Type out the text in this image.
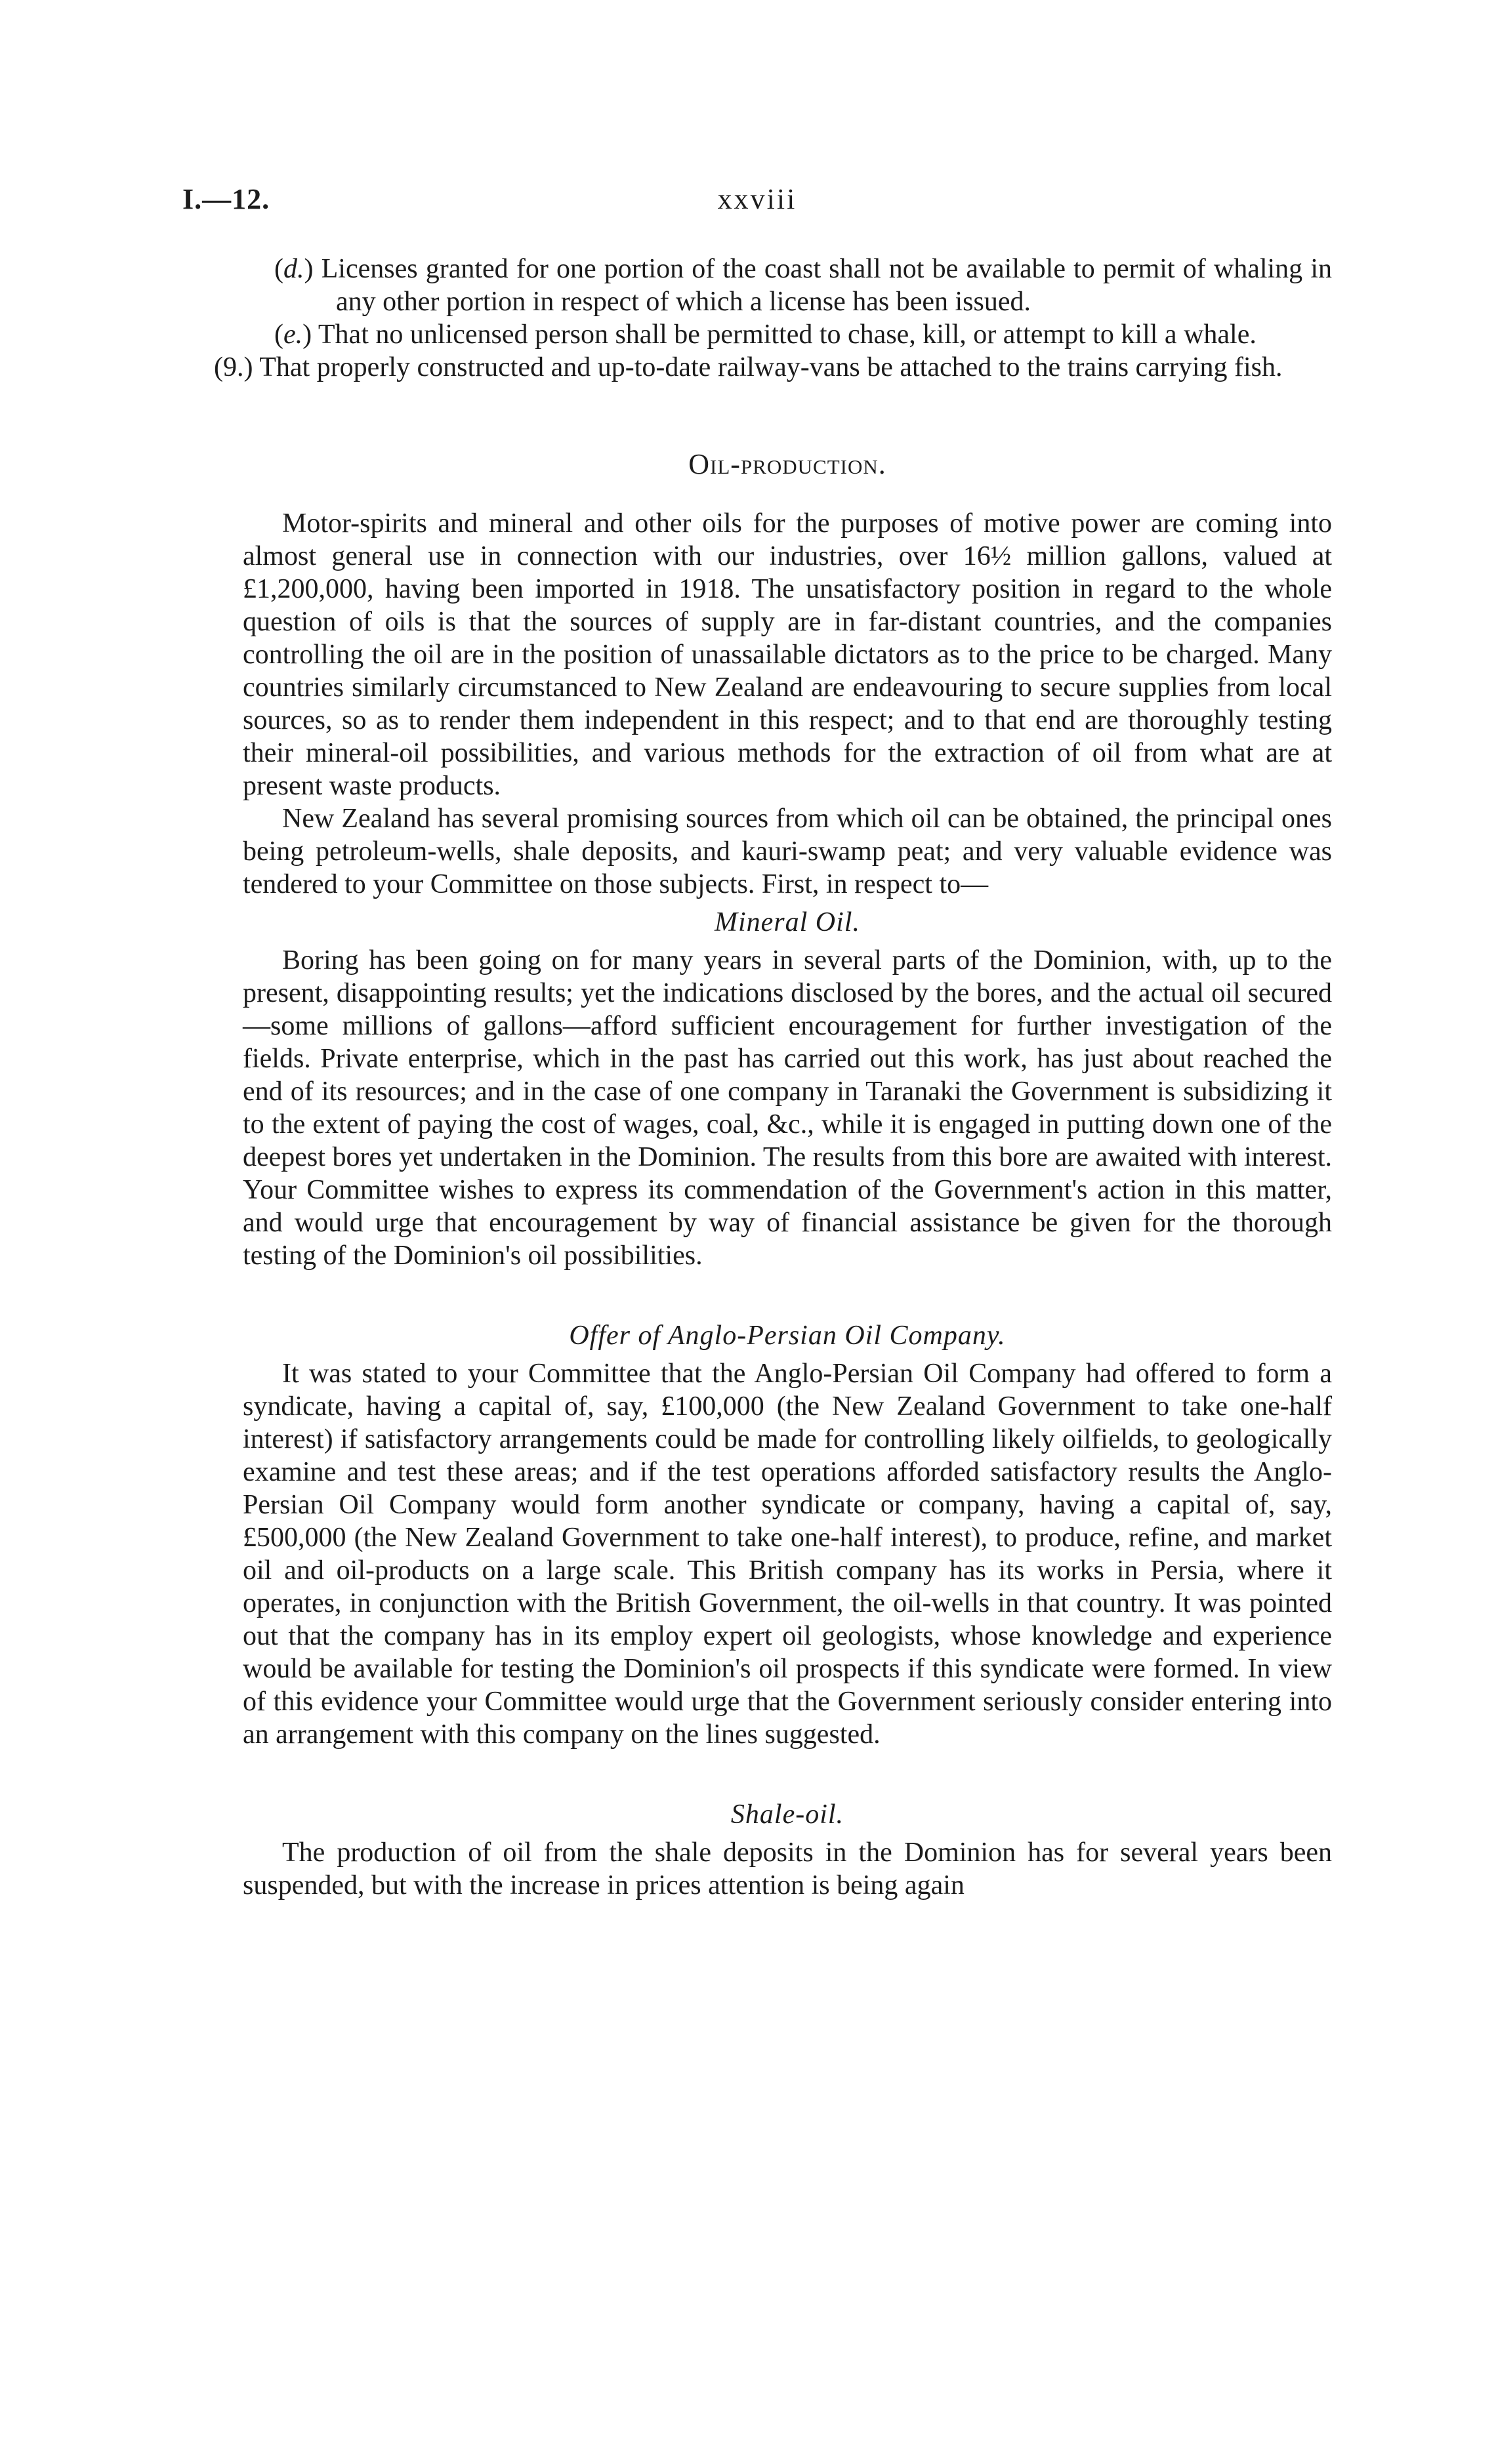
I.—12.	xxviii

(d.) Licenses granted for one portion of the coast shall not be available to permit of whaling in any other portion in respect of which a license has been issued.

(e.) That no unlicensed person shall be permitted to chase, kill, or attempt to kill a whale.

(9.) That properly constructed and up-to-date railway-vans be attached to the trains carrying fish.

Oil-production.

Motor-spirits and mineral and other oils for the purposes of motive power are coming into almost general use in connection with our industries, over 16½ million gallons, valued at £1,200,000, having been imported in 1918. The unsatisfactory position in regard to the whole question of oils is that the sources of supply are in far-distant countries, and the companies controlling the oil are in the position of unassailable dictators as to the price to be charged. Many countries similarly circumstanced to New Zealand are endeavouring to secure supplies from local sources, so as to render them independent in this respect; and to that end are thoroughly testing their mineral-oil possibilities, and various methods for the extraction of oil from what are at present waste products.

New Zealand has several promising sources from which oil can be obtained, the principal ones being petroleum-wells, shale deposits, and kauri-swamp peat; and very valuable evidence was tendered to your Committee on those subjects. First, in respect to—

Mineral Oil.

Boring has been going on for many years in several parts of the Dominion, with, up to the present, disappointing results; yet the indications disclosed by the bores, and the actual oil secured—some millions of gallons—afford sufficient encouragement for further investigation of the fields. Private enterprise, which in the past has carried out this work, has just about reached the end of its resources; and in the case of one company in Taranaki the Government is subsidizing it to the extent of paying the cost of wages, coal, &c., while it is engaged in putting down one of the deepest bores yet undertaken in the Dominion. The results from this bore are awaited with interest. Your Committee wishes to express its commendation of the Government's action in this matter, and would urge that encouragement by way of financial assistance be given for the thorough testing of the Dominion's oil possibilities.

Offer of Anglo-Persian Oil Company.

It was stated to your Committee that the Anglo-Persian Oil Company had offered to form a syndicate, having a capital of, say, £100,000 (the New Zealand Government to take one-half interest) if satisfactory arrangements could be made for controlling likely oilfields, to geologically examine and test these areas; and if the test operations afforded satisfactory results the Anglo-Persian Oil Company would form another syndicate or company, having a capital of, say, £500,000 (the New Zealand Government to take one-half interest), to produce, refine, and market oil and oil-products on a large scale. This British company has its works in Persia, where it operates, in conjunction with the British Government, the oil-wells in that country. It was pointed out that the company has in its employ expert oil geologists, whose knowledge and experience would be available for testing the Dominion's oil prospects if this syndicate were formed. In view of this evidence your Committee would urge that the Government seriously consider entering into an arrangement with this company on the lines suggested.

Shale-oil.

The production of oil from the shale deposits in the Dominion has for several years been suspended, but with the increase in prices attention is being again
